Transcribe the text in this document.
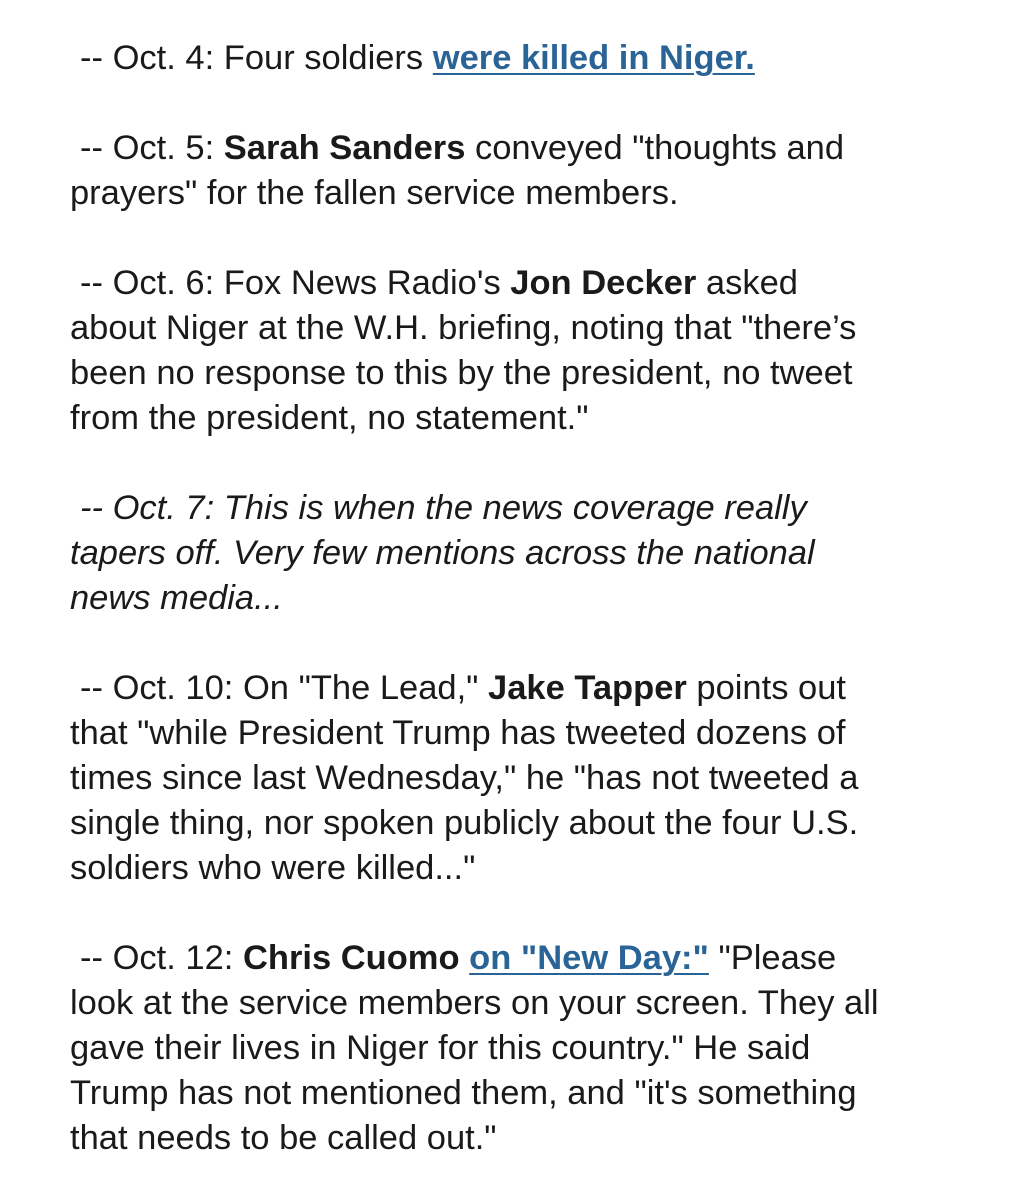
-- Oct. 4: Four soldiers were killed in Niger.

-- Oct. 5: Sarah Sanders conveyed "thoughts and
prayers" for the fallen service members.

-- Oct. 6: Fox News Radio's Jon Decker asked
about Niger at the W.H. briefing, noting that "there’s
been no response to this by the president, no tweet
from the president, no statement."

-- Oct. 7: This is when the news coverage really
tapers off. Very few mentions across the national
news media...

-- Oct. 10: On "The Lead," Jake Tapper points out
that "while President Trump has tweeted dozens of
times since last Wednesday," he "has not tweeted a
single thing, nor spoken publicly about the four U.S.
soldiers who were killed..."

-- Oct. 12: Chris Cuomo on "New Day:" "Please
look at the service members on your screen. They all
gave their lives in Niger for this country." He said
Trump has not mentioned them, and "it's something
that needs to be called out."
